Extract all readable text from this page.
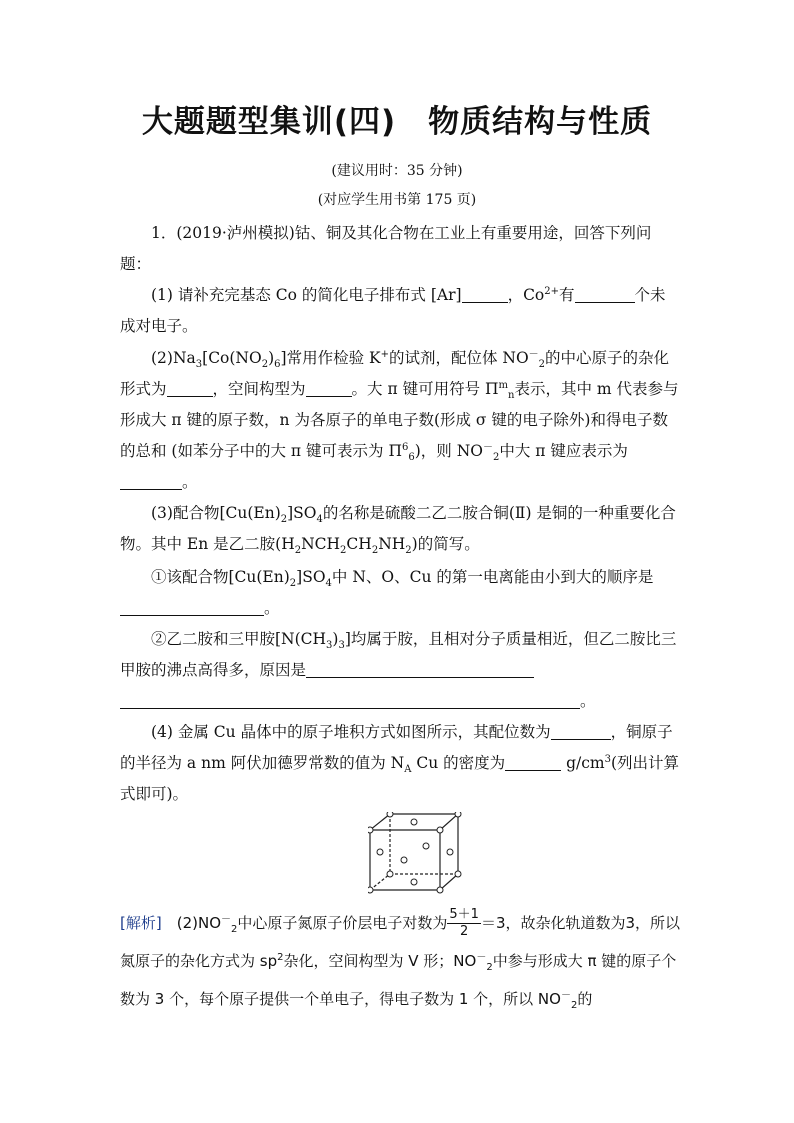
大题题型集训(四)　物质结构与性质
(建议用时：35 分钟)
(对应学生用书第 175 页)
1．(2019·泸州模拟)钴、铜及其化合物在工业上有重要用途，回答下列问题：
(1) 请补充完基态 Co 的简化电子排布式 [Ar]	，$Co^{2+}$有	个未成对电子。
$(2)Na_3[Co(NO_2)_6]$常用作检验 K+的试剂，配位体 $NO^-_2$的中心原子的杂化形式为	，空间构型为	。大 π 键可用符号 $\Pi^m_n$表示，其中 m 代表参与形成大 π 键的原子数，n 为各原子的单电子数(形成 σ 键的电子除外)和得电子数的总和 (如苯分子中的大 π 键可表示为 $\Pi^6_6$)，则 $NO^-_2$中大 π 键应表示为
。
(3)配合物$[Cu(En)_2]SO_4$的名称是硫酸二乙二胺合铜(Ⅱ) 是铜的一种重要化合物。其中 En 是乙二胺$(H_2NCH_2CH_2NH_2)$的简写。
①该配合物$[Cu(En)_2]SO_4$中 N、O、Cu 的第一电离能由小到大的顺序是
。
②乙二胺和三甲胺$[N(CH_3)_3]$均属于胺，且相对分子质量相近，但乙二胺比三甲胺的沸点高得多，原因是
。
(4) 金属 Cu 晶体中的原子堆积方式如图所示，其配位数为	，铜原子的半径为 a nm 阿伏加德罗常数的值为 $N_A$ Cu 的密度为	$g/cm^3$(列出计算式即可)。
[解析]　 $(2)NO^-_2$中心原子氮原子价层电子对数为 $\frac{5+1}{2} =3$，故杂化轨道数为3，所以氮原子的杂化方式为 $sp^2$杂化，空间构型为 V 形；$NO^-_2$中参与形成大 π 键的原子个数为 3 个，每个原子提供一个单电子，得电子数为 1 个，所以 $NO^-_2$的
